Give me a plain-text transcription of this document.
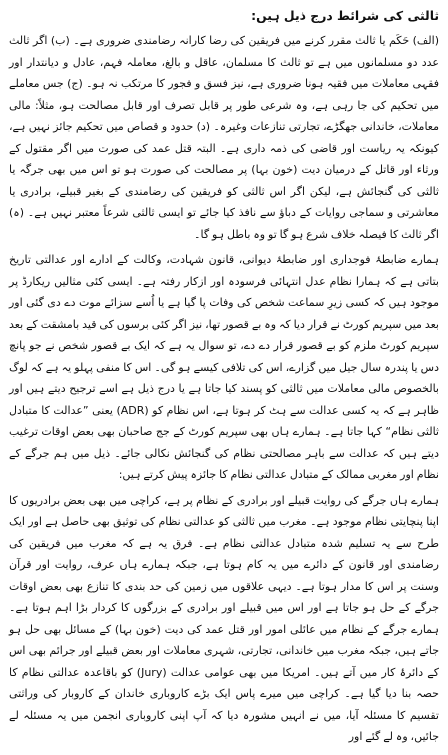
ثالثی کی شرائط درج ذیل ہیں:

(الف) حَکَم یا ثالث مقرر کرنے میں فریقین کی رضا کارانہ رضامندی ضروری ہے۔ (ب) اگر ثالث عدد دو مسلمانوں میں ہے تو ثالث کا مسلمان، عاقل و بالغ، معاملہ فہم، عادل و دیانتدار اور فقہی معاملات میں فقیہ ہونا ضروری ہے، نیز فسق و فجور کا مرتکب نہ ہو۔ (ج) جس معاملے میں تحکیم کی جا رہی ہے، وہ شرعی طور پر قابل تصرف اور قابل مصالحت ہو، مثلاً: مالی معاملات، خاندانی جھگڑے، تجارتی تنازعات وغیرہ۔ (د) حدود و قصاص میں تحکیم جائز نہیں ہے، کیونکہ یہ ریاست اور قاضی کی ذمہ داری ہے۔ البتہ قتل عمد کی صورت میں اگر مقتول کے ورثاء اور قاتل کے درمیان دیت (خون بہا) پر مصالحت کی صورت ہو تو اس میں بھی جرگہ یا ثالثی کی گنجائش ہے، لیکن اگر اس ثالثی کو فریقین کی رضامندی کے بغیر قبیلے، برادری یا معاشرتی و سماجی روایات کے دباؤ سے نافذ کیا جائے تو ایسی ثالثی شرعاً معتبر نہیں ہے۔ (ہ) اگر ثالث کا فیصلہ خلاف شرع ہو گا تو وہ باطل ہو گا۔

ہمارے ضابطۂ فوجداری اور ضابطۂ دیوانی، قانون شہادت، وکالت کے ادارے اور عدالتی تاریخ بتاتی ہے کہ ہمارا نظام عدل انتہائی فرسودہ اور ازکار رفتہ ہے۔ ایسی کئی مثالیں ریکارڈ پر موجود ہیں کہ کسی زیرِ سماعت شخص کی وفات پا گیا ہے یا اُسے سزائے موت دے دی گئی اور بعد میں سپریم کورٹ نے قرار دیا کہ وہ بے قصور تھا، نیز اگر کئی برسوں کی قید بامشقت کے بعد سپریم کورٹ ملزم کو بے قصور قرار دے دے، تو سوال یہ ہے کہ ایک بے قصور شخص نے جو پانچ دس یا پندرہ سال جیل میں گزارے، اس کی تلافی کیسے ہو گی۔ اس کا منفی پہلو یہ ہے کہ لوگ بالخصوص مالی معاملات میں ثالثی کو پسند کیا جاتا ہے یا درج ذیل ہے اسے ترجیح دیتے ہیں اور ظاہر ہے کہ یہ کسی عدالت سے ہٹ کر ہوتا ہے، اس نظام کو (ADR) یعنی ”عدالت کا متبادل ثالثی نظام“ کہا جاتا ہے۔ ہمارے ہاں بھی سپریم کورٹ کے جج صاحبان بھی بعض اوقات ترغیب دیتے ہیں کہ عدالت سے باہر مصالحتی نظام کی گنجائش نکالی جائے۔ ذیل میں ہم جرگے کے نظام اور مغربی ممالک کے متبادل عدالتی نظام کا جائزہ پیش کرتے ہیں:

ہمارے ہاں جرگے کی روایت قبیلے اور برادری کے نظام پر ہے، کراچی میں بھی بعض برادریوں کا اپنا پنچایتی نظام موجود ہے۔ مغرب میں ثالثی کو عدالتی نظام کی توثیق بھی حاصل ہے اور ایک طرح سے یہ تسلیم شدہ متبادل عدالتی نظام ہے۔ فرق یہ ہے کہ مغرب میں فریقین کی رضامندی اور قانون کے دائرے میں یہ کام ہوتا ہے، جبکہ ہمارے ہاں عرف، روایت اور قرآن وسنت پر اس کا مدار ہوتا ہے۔ دیہی علاقوں میں زمین کی حد بندی کا تنازع بھی بعض اوقات جرگے کے حل ہو جاتا ہے اور اس میں قبیلے اور برادری کے بزرگوں کا کردار بڑا اہم ہوتا ہے۔ ہمارے جرگے کے نظام میں عائلی امور اور قتل عمد کی دیت (خون بہا) کے مسائل بھی حل ہو جاتے ہیں، جبکہ مغرب میں خاندانی، تجارتی، شہری معاملات اور بعض قبیلے اور جرائم بھی اس کے دائرۂ کار میں آتے ہیں۔ امریکا میں بھی عوامی عدالت (Jury) کو باقاعدہ عدالتی نظام کا حصہ بنا دیا گیا ہے۔ کراچی میں میرے پاس ایک بڑے کاروباری خاندان کے کاروبار کی وراثتی تقسیم کا مسئلہ آیا، میں نے انہیں مشورہ دیا کہ آپ اپنی کاروباری انجمن میں یہ مسئلہ لے جائیں، وہ لے گئے اور
